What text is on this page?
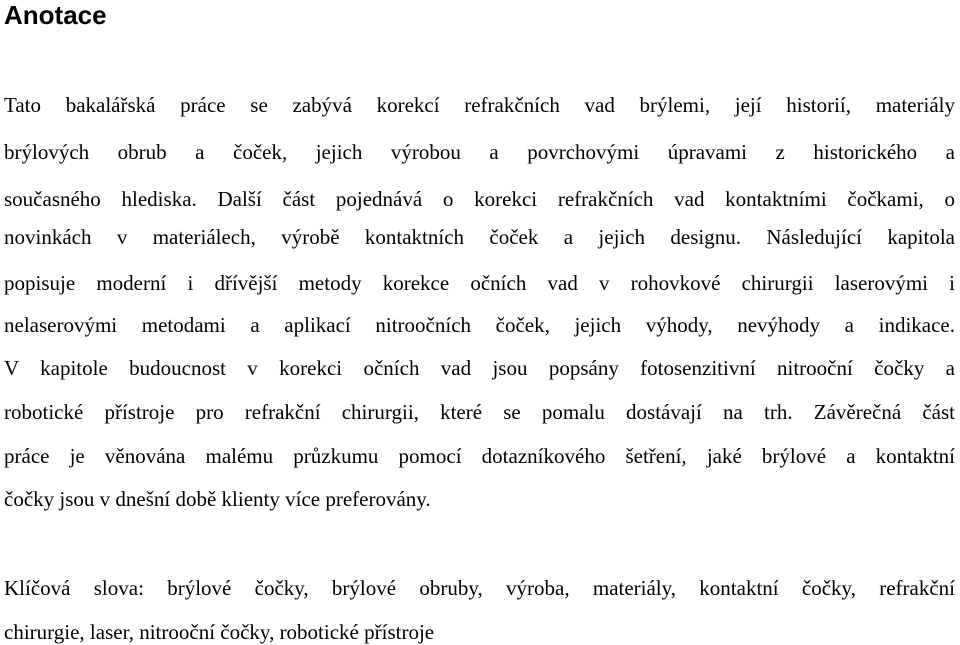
Anotace
Tato bakalářská práce se zabývá korekcí refrakčních vad brýlemi, její historií, materiály
brýlových obrub a čoček, jejich výrobou a povrchovými úpravami z historického a
současného hlediska. Další část pojednává o korekci refrakčních vad kontaktními čočkami, o
novinkách v materiálech, výrobě kontaktních čoček a jejich designu. Následující kapitola
popisuje moderní i dřívější metody korekce očních vad v rohovkové chirurgii laserovými i
nelaserovými metodami a aplikací nitroočních čoček, jejich výhody, nevýhody a indikace.
V kapitole budoucnost v korekci očních vad jsou popsány fotosenzitivní nitrooční čočky a
robotické přístroje pro refrakční chirurgii, které se pomalu dostávají na trh. Závěrečná část
práce je věnována malému průzkumu pomocí dotazníkového šetření, jaké brýlové a kontaktní
čočky jsou v dnešní době klienty více preferovány.
Klíčová slova: brýlové čočky, brýlové obruby, výroba, materiály, kontaktní čočky, refrakční
chirurgie, laser, nitrooční čočky, robotické přístroje
